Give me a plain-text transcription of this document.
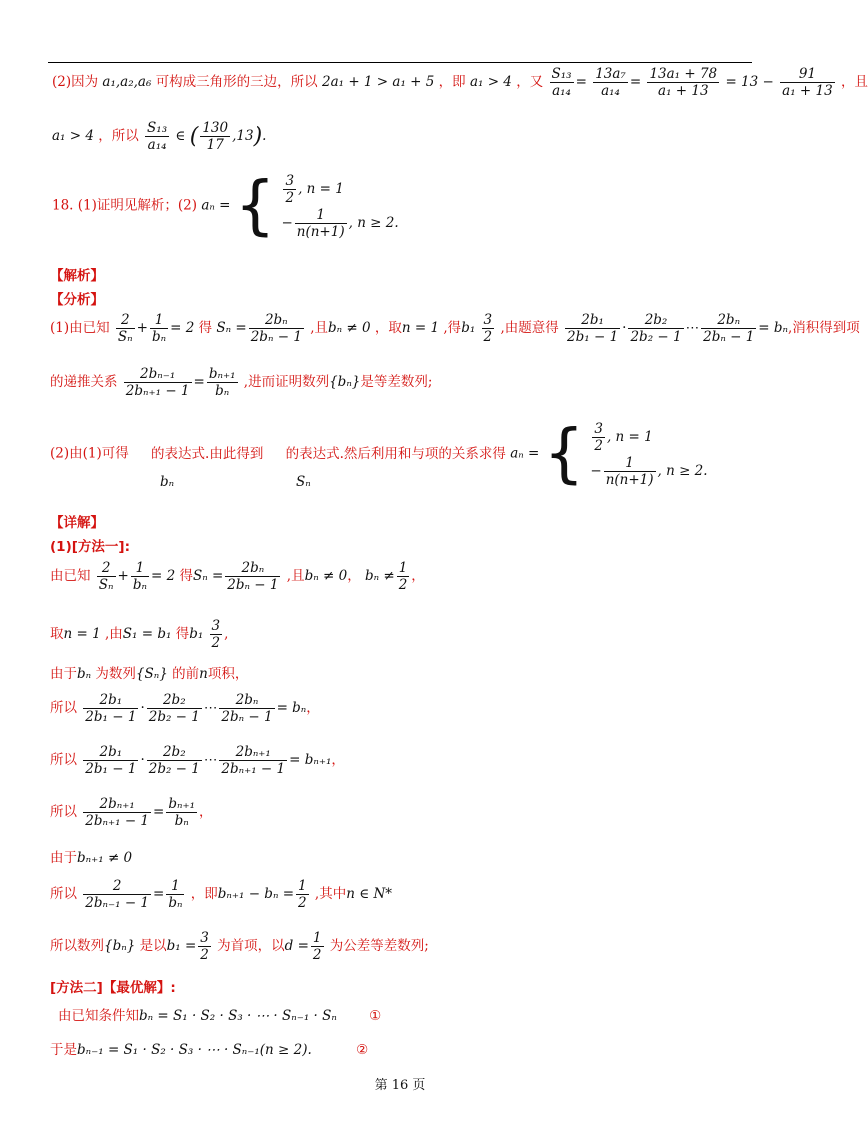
(2)因为 a₁,a₂,a₆ 可构成三角形的三边，所以 2a₁ + 1 > a₁ + 5 ，即 a₁ > 4 ，又 $\frac{\text{S₁₃}}{\text{a₁₄}} = \frac{\text{13a₇}}{\text{a₁₄}} = \frac{\text{13a₁ + 78}}{\text{a₁ + 13}} = 13 - \frac{91}{\text{a₁ + 13}}$ ，且
a₁ > 4 ，所以 $\frac{\text{S₁₃}}{\text{a₁₄}}$ ∈ ( $\frac{130}{17} ,13$).
18. (1)证明见解析；(2) aₙ = { $\frac{3}{2}$ , n = 1
− $\frac{1}{n(n+1)}$ , n ≥ 2.
【解析】
【分析】
(1)由已知 $\frac{2}{\text{Sₙ}} + \frac{1}{\text{bₙ}} = 2$ 得 $S_n = \frac{\text{2bₙ}}{\text{2bₙ − 1}}$ ,且bₙ ≠ 0 ，取n = 1 ,得$b_1 \frac{3}{2}$ ,由题意得 $\frac{\text{2b₁}}{\text{2b₁ − 1}} \cdot \frac{\text{2b₂}}{\text{2b₂ − 1}}$ ⋯ $\frac{\text{2bₙ}}{\text{2bₙ − 1}} = b_n$,消积得到项
的递推关系 $\frac{\text{2bₙ₋₁}}{\text{2bₙ₊₁ − 1}} = \frac{\text{bₙ₊₁}}{\text{bₙ}}$ ,进而证明数列{bₙ}是等差数列;
(2)由(1)可得 的表达式.由此得到 的表达式.然后利用和与项的关系求得 aₙ = { $\frac{3}{2}$ , n = 1
− $\frac{1}{n(n+1)}$ , n ≥ 2.
bₙ	Sₙ
【详解】
(1)[方法一]:
由已知 $\frac{2}{\text{Sₙ}} + \frac{1}{\text{bₙ}} = 2$ 得$S_n = \frac{\text{2bₙ}}{\text{2bₙ − 1}}$ ,且bₙ ≠ 0， $b_n \ne \frac{1}{2}$ ，
取n = 1 ,由S₁ = b₁ 得$b_1 \frac{3}{2}$ ,
由于bₙ 为数列{Sₙ} 的前n项积，
所以 $\frac{\text{2b₁}}{\text{2b₁ − 1}} \cdot \frac{\text{2b₂}}{\text{2b₂ − 1}}$ ⋯ $\frac{\text{2bₙ}}{\text{2bₙ − 1}} = b_n$，
所以 $\frac{\text{2b₁}}{\text{2b₁ − 1}} \cdot \frac{\text{2b₂}}{\text{2b₂ − 1}}$ ⋯ $\frac{\text{2bₙ₊₁}}{\text{2bₙ₊₁ − 1}} = b_{n+1}$，
所以 $\frac{\text{2bₙ₊₁}}{\text{2bₙ₊₁ − 1}} = \frac{\text{bₙ₊₁}}{\text{bₙ}}$ ，
由于bₙ₊₁ ≠ 0
所以 $\frac{2}{\text{2bₙ₋₁ − 1}} = \frac{1}{\text{bₙ}}$ ，即$b_{n+1} - b_n = \frac{1}{2}$ ,其中n ∈ N*
所以数列{bₙ} 是以$b_1 = \frac{3}{2}$ 为首项，以$d = \frac{1}{2}$ 为公差等差数列;
[方法二]【最优解】:
由已知条件知bₙ = S₁ · S₂ · S₃ · ⋯ · Sₙ₋₁ · Sₙ ①
于是bₙ₋₁ = S₁ · S₂ · S₃ · ⋯ · Sₙ₋₁(n ≥ 2).	②
第 16 页
